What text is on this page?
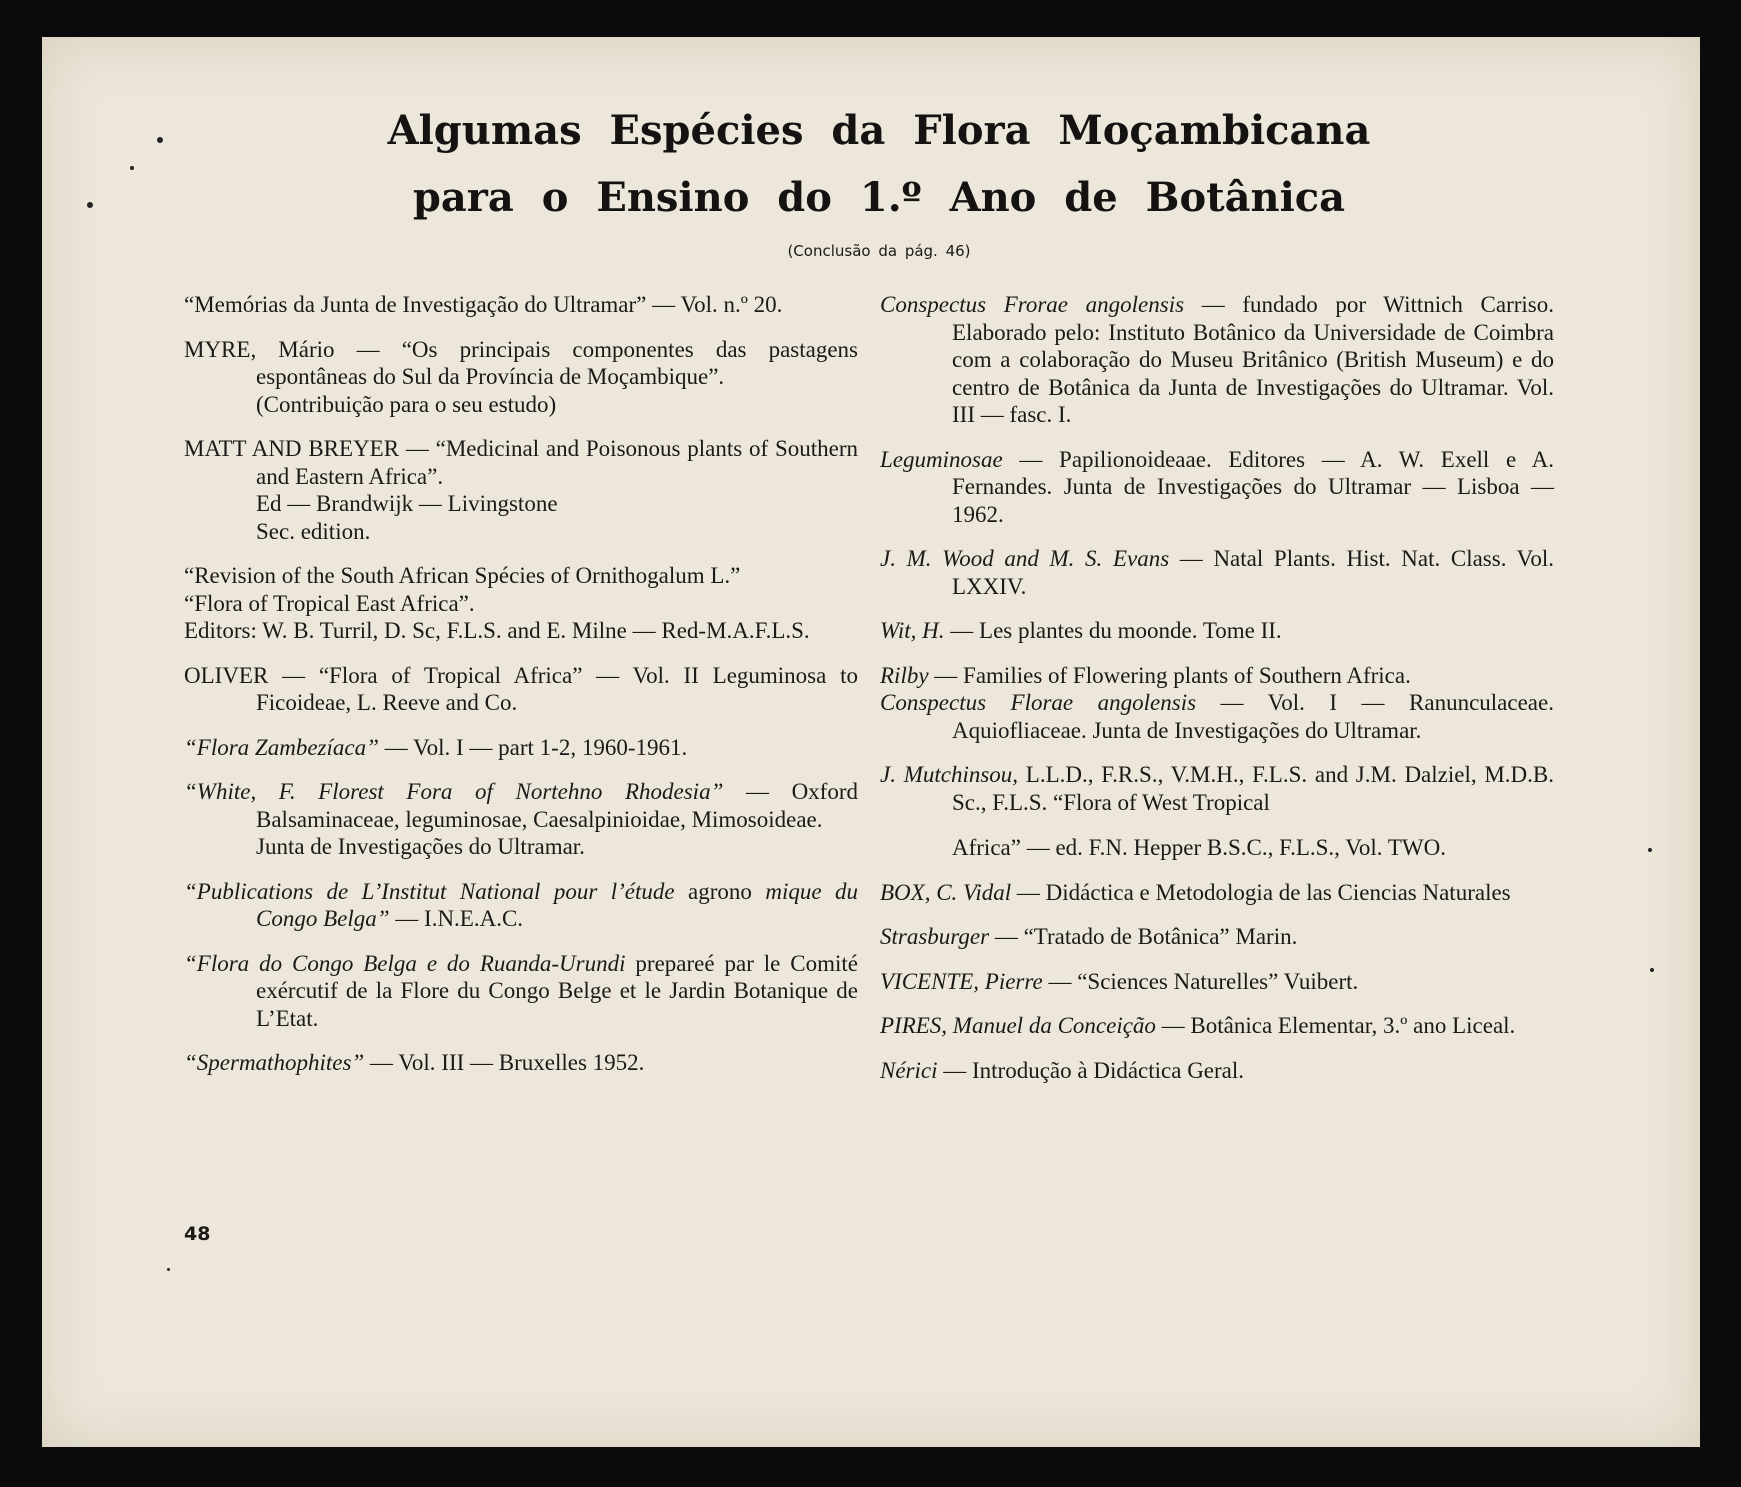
Algumas Espécies da Flora Moçambicana
para o Ensino do 1.º Ano de Botânica
(Conclusão da pág. 46)

“Memórias da Junta de Investigação do Ultramar” — Vol. n.º 20.

MYRE, Mário — “Os principais componentes das pastagens espontâneas do Sul da Província de Moçambique”.
(Contribuição para o seu estudo)

MATT AND BREYER — “Medicinal and Poisonous plants of Southern and Eastern Africa”.
Ed — Brandwijk — Livingstone
Sec. edition.

“Revision of the South African Spécies of Ornithogalum L.”
“Flora of Tropical East Africa”.
Editors: W. B. Turril, D. Sc, F.L.S. and E. Milne — Red-M.A.F.L.S.

OLIVER — “Flora of Tropical Africa” — Vol. II Leguminosa to Ficoideae, L. Reeve and Co.

“Flora Zambezíaca” — Vol. I — part 1-2, 1960-1961.

“White, F. Florest Fora of Nortehno Rhodesia” — Oxford Balsaminaceae, leguminosae, Caesalpinioidae, Mimosoideae.
Junta de Investigações do Ultramar.

“Publications de L’Institut National pour l’étude agrono mique du Congo Belga” — I.N.E.A.C.

“Flora do Congo Belga e do Ruanda-Urundi prepareé par le Comité exércutif de la Flore du Congo Belge et le Jardin Botanique de L’Etat.

“Spermathophites” — Vol. III — Bruxelles 1952.

Conspectus Frorae angolensis — fundado por Wittnich Carriso. Elaborado pelo: Instituto Botânico da Universidade de Coimbra com a colaboração do Museu Britânico (British Museum) e do centro de Botânica da Junta de Investigações do Ultramar. Vol. III — fasc. I.

Leguminosae — Papilionoideaae. Editores — A. W. Exell e A. Fernandes. Junta de Investigações do Ultramar — Lisboa — 1962.

J. M. Wood and M. S. Evans — Natal Plants. Hist. Nat. Class. Vol. LXXIV.

Wit, H. — Les plantes du moonde. Tome II.

Rilby — Families of Flowering plants of Southern Africa.
Conspectus Florae angolensis — Vol. I — Ranunculaceae. Aquiofliaceae. Junta de Investigações do Ultramar.

J. Mutchinsou, L.L.D., F.R.S., V.M.H., F.L.S. and J.M. Dalziel, M.D.B. Sc., F.L.S. “Flora of West Tropical
Africa” — ed. F.N. Hepper B.S.C., F.L.S., Vol. TWO.

BOX, C. Vidal — Didáctica e Metodologia de las Ciencias Naturales

Strasburger — “Tratado de Botânica” Marin.

VICENTE, Pierre — “Sciences Naturelles” Vuibert.

PIRES, Manuel da Conceição — Botânica Elementar, 3.º ano Liceal.

Nérici — Introdução à Didáctica Geral.

48
